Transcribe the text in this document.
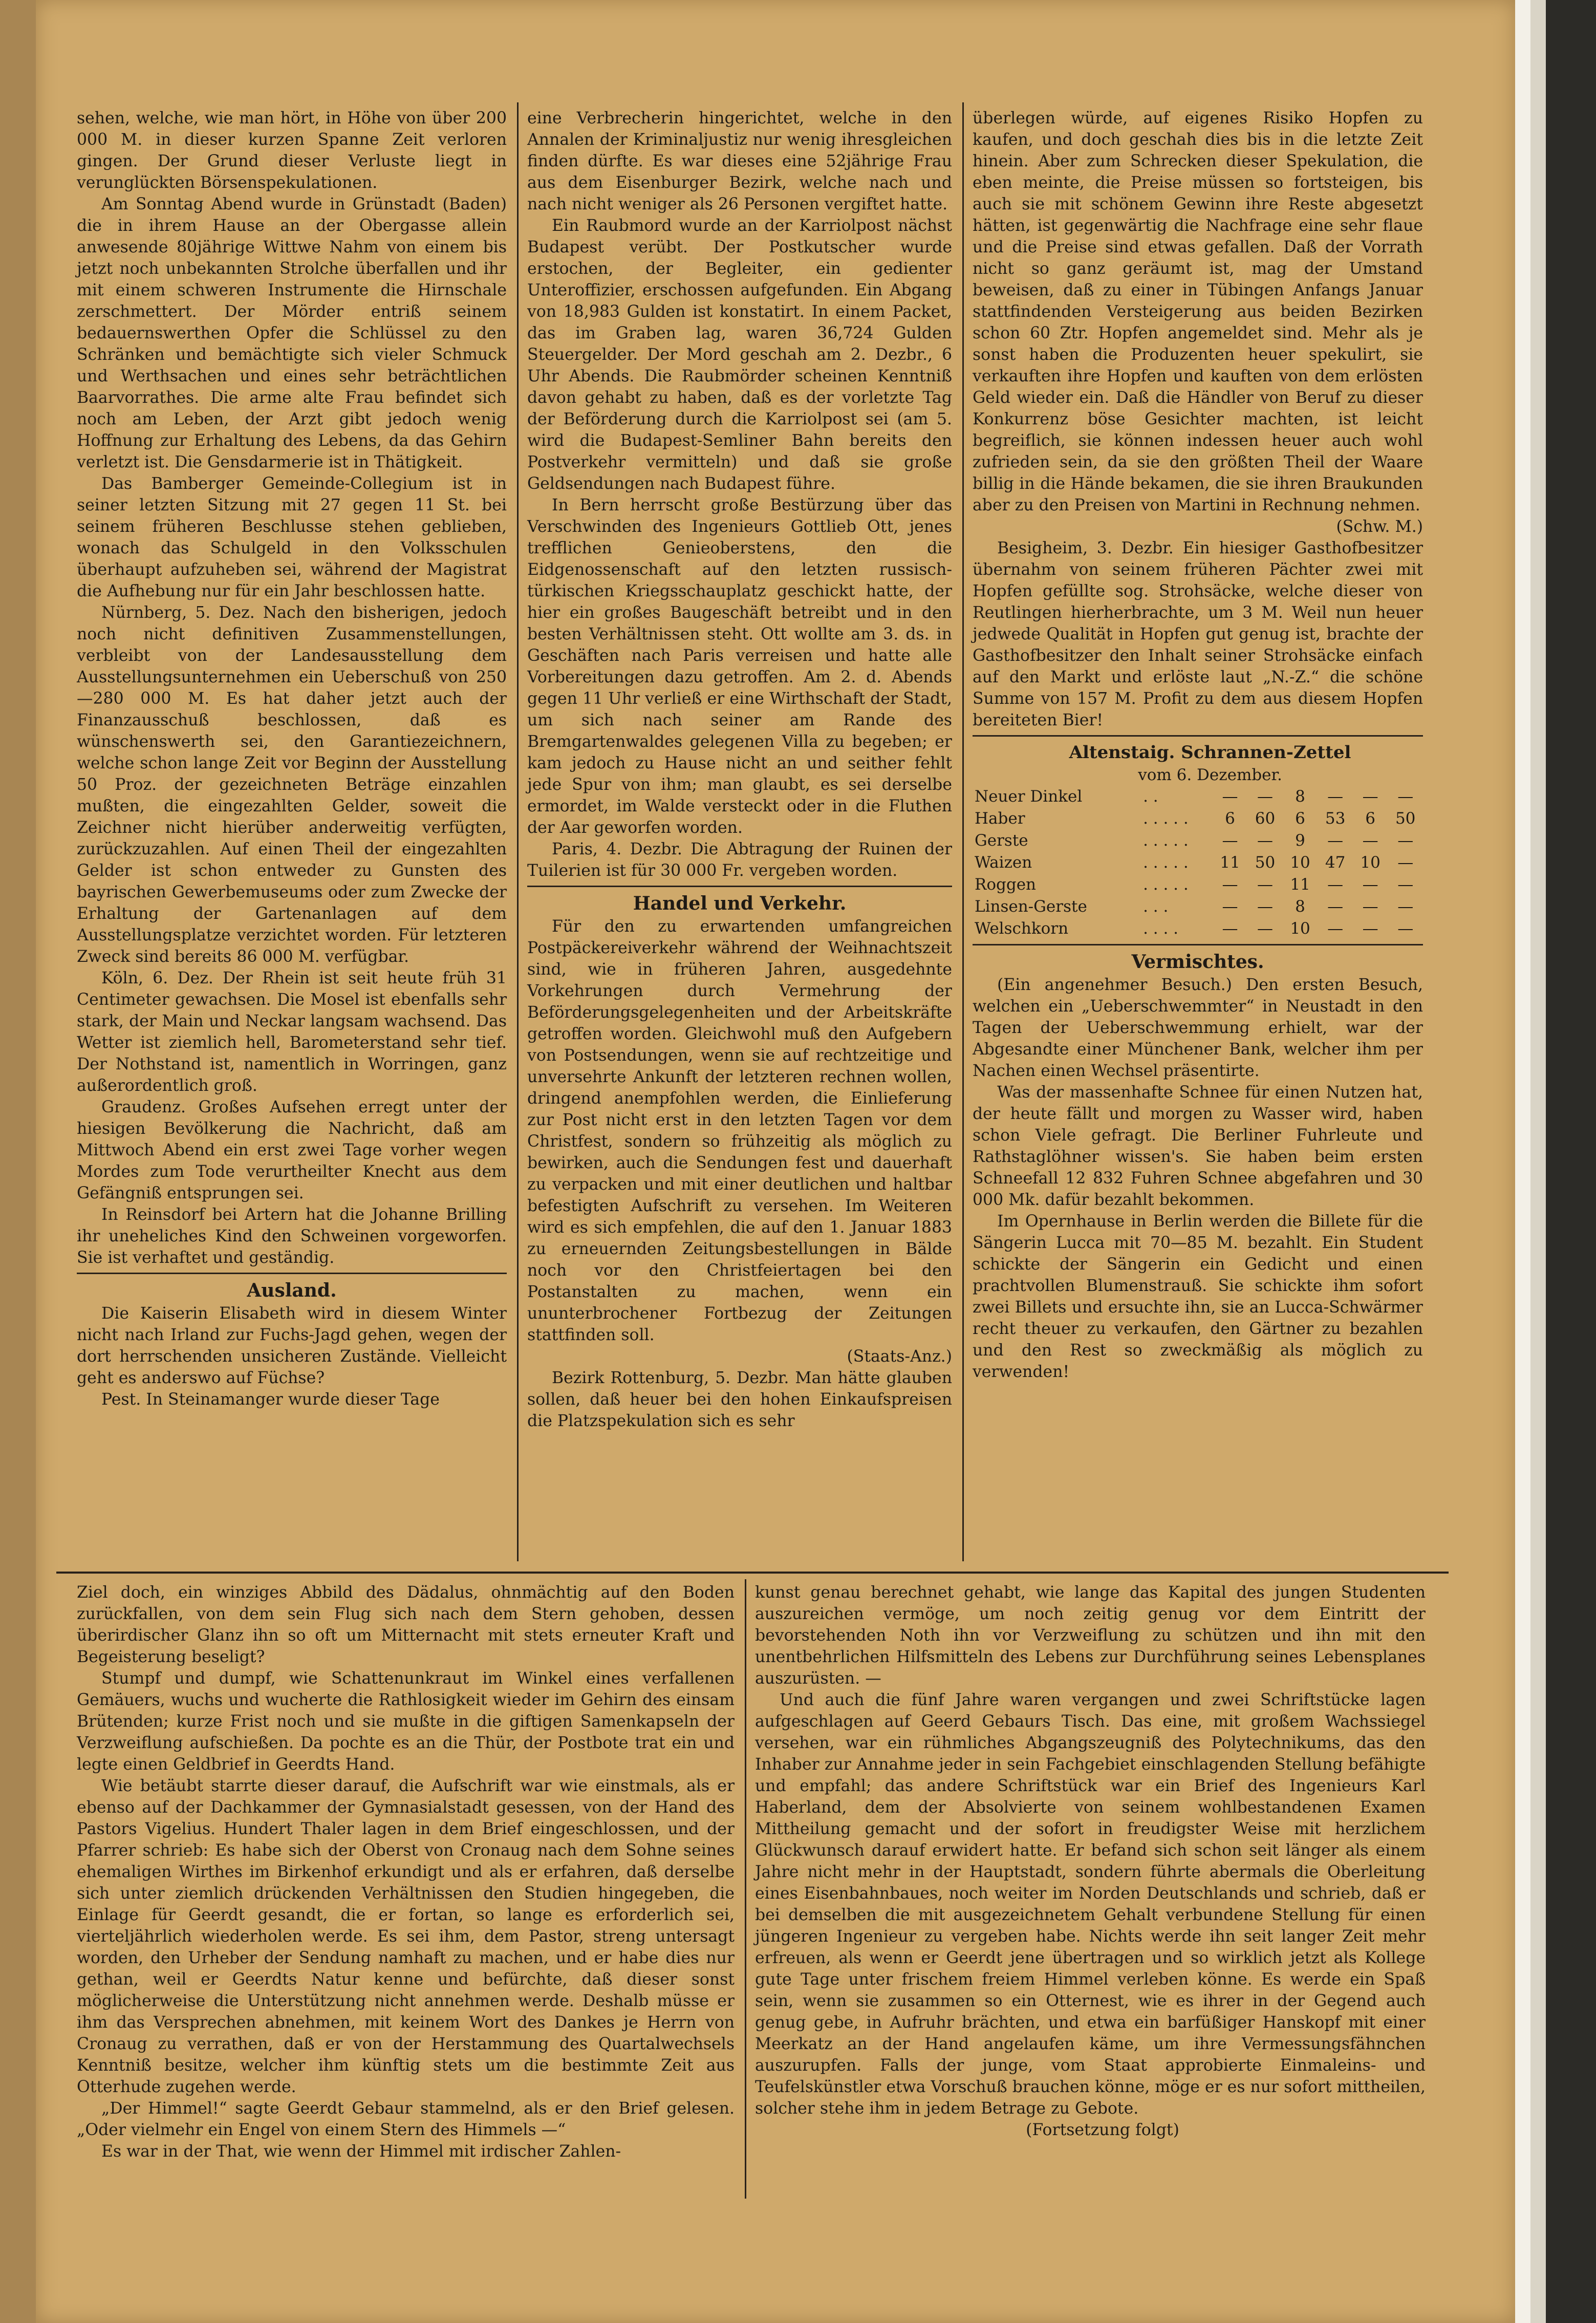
sehen, welche, wie man hört, in Höhe von über 200 000 M. in dieser kurzen Spanne Zeit verloren gingen. Der Grund dieser Verluste liegt in verunglückten Börsenspekulationen.

Am Sonntag Abend wurde in Grünstadt (Baden) die in ihrem Hause an der Obergasse allein anwesende 80jährige Wittwe Nahm von einem bis jetzt noch unbekannten Strolche überfallen und ihr mit einem schweren Instrumente die Hirnschale zerschmettert. Der Mörder entriß seinem bedauernswerthen Opfer die Schlüssel zu den Schränken und bemächtigte sich vieler Schmuck und Werthsachen und eines sehr beträchtlichen Baarvorrathes. Die arme alte Frau befindet sich noch am Leben, der Arzt gibt jedoch wenig Hoffnung zur Erhaltung des Lebens, da das Gehirn verletzt ist. Die Gensdarmerie ist in Thätigkeit.

Das Bamberger Gemeinde-Collegium ist in seiner letzten Sitzung mit 27 gegen 11 St. bei seinem früheren Beschlusse stehen geblieben, wonach das Schulgeld in den Volksschulen überhaupt aufzuheben sei, während der Magistrat die Aufhebung nur für ein Jahr beschlossen hatte.

Nürnberg, 5. Dez. Nach den bisherigen, jedoch noch nicht definitiven Zusammenstellungen, verbleibt von der Landesausstellung dem Ausstellungsunternehmen ein Ueberschuß von 250—280 000 M. Es hat daher jetzt auch der Finanzausschuß beschlossen, daß es wünschenswerth sei, den Garantiezeichnern, welche schon lange Zeit vor Beginn der Ausstellung 50 Proz. der gezeichneten Beträge einzahlen mußten, die eingezahlten Gelder, soweit die Zeichner nicht hierüber anderweitig verfügten, zurückzuzahlen. Auf einen Theil der eingezahlten Gelder ist schon entweder zu Gunsten des bayrischen Gewerbemuseums oder zum Zwecke der Erhaltung der Gartenanlagen auf dem Ausstellungsplatze verzichtet worden. Für letzteren Zweck sind bereits 86 000 M. verfügbar.

Köln, 6. Dez. Der Rhein ist seit heute früh 31 Centimeter gewachsen. Die Mosel ist ebenfalls sehr stark, der Main und Neckar langsam wachsend. Das Wetter ist ziemlich hell, Barometerstand sehr tief. Der Nothstand ist, namentlich in Worringen, ganz außerordentlich groß.

Graudenz. Großes Aufsehen erregt unter der hiesigen Bevölkerung die Nachricht, daß am Mittwoch Abend ein erst zwei Tage vorher wegen Mordes zum Tode verurtheilter Knecht aus dem Gefängniß entsprungen sei.

In Reinsdorf bei Artern hat die Johanne Brilling ihr uneheliches Kind den Schweinen vorgeworfen. Sie ist verhaftet und geständig.

Ausland.

Die Kaiserin Elisabeth wird in diesem Winter nicht nach Irland zur Fuchs-Jagd gehen, wegen der dort herrschenden unsicheren Zustände. Vielleicht geht es anderswo auf Füchse?

Pest. In Steinamanger wurde dieser Tage

eine Verbrecherin hingerichtet, welche in den Annalen der Kriminaljustiz nur wenig ihresgleichen finden dürfte. Es war dieses eine 52jährige Frau aus dem Eisenburger Bezirk, welche nach und nach nicht weniger als 26 Personen vergiftet hatte.

Ein Raubmord wurde an der Karriolpost nächst Budapest verübt. Der Postkutscher wurde erstochen, der Begleiter, ein gedienter Unteroffizier, erschossen aufgefunden. Ein Abgang von 18,983 Gulden ist konstatirt. In einem Packet, das im Graben lag, waren 36,724 Gulden Steuergelder. Der Mord geschah am 2. Dezbr., 6 Uhr Abends. Die Raubmörder scheinen Kenntniß davon gehabt zu haben, daß es der vorletzte Tag der Beförderung durch die Karriolpost sei (am 5. wird die Budapest-Semliner Bahn bereits den Postverkehr vermitteln) und daß sie große Geldsendungen nach Budapest führe.

In Bern herrscht große Bestürzung über das Verschwinden des Ingenieurs Gottlieb Ott, jenes trefflichen Genieoberstens, den die Eidgenossenschaft auf den letzten russisch-türkischen Kriegsschauplatz geschickt hatte, der hier ein großes Baugeschäft betreibt und in den besten Verhältnissen steht. Ott wollte am 3. ds. in Geschäften nach Paris verreisen und hatte alle Vorbereitungen dazu getroffen. Am 2. d. Abends gegen 11 Uhr verließ er eine Wirthschaft der Stadt, um sich nach seiner am Rande des Bremgartenwaldes gelegenen Villa zu begeben; er kam jedoch zu Hause nicht an und seither fehlt jede Spur von ihm; man glaubt, es sei derselbe ermordet, im Walde versteckt oder in die Fluthen der Aar geworfen worden.

Paris, 4. Dezbr. Die Abtragung der Ruinen der Tuilerien ist für 30 000 Fr. vergeben worden.

Handel und Verkehr.

Für den zu erwartenden umfangreichen Postpäckereiverkehr während der Weihnachtszeit sind, wie in früheren Jahren, ausgedehnte Vorkehrungen durch Vermehrung der Beförderungsgelegenheiten und der Arbeitskräfte getroffen worden. Gleichwohl muß den Aufgebern von Postsendungen, wenn sie auf rechtzeitige und unversehrte Ankunft der letzteren rechnen wollen, dringend anempfohlen werden, die Einlieferung zur Post nicht erst in den letzten Tagen vor dem Christfest, sondern so frühzeitig als möglich zu bewirken, auch die Sendungen fest und dauerhaft zu verpacken und mit einer deutlichen und haltbar befestigten Aufschrift zu versehen. Im Weiteren wird es sich empfehlen, die auf den 1. Januar 1883 zu erneuernden Zeitungsbestellungen in Bälde noch vor den Christfeiertagen bei den Postanstalten zu machen, wenn ein ununterbrochener Fortbezug der Zeitungen stattfinden soll.

(Staats-Anz.)

Bezirk Rottenburg, 5. Dezbr. Man hätte glauben sollen, daß heuer bei den hohen Einkaufspreisen die Platzspekulation sich es sehr

überlegen würde, auf eigenes Risiko Hopfen zu kaufen, und doch geschah dies bis in die letzte Zeit hinein. Aber zum Schrecken dieser Spekulation, die eben meinte, die Preise müssen so fortsteigen, bis auch sie mit schönem Gewinn ihre Reste abgesetzt hätten, ist gegenwärtig die Nachfrage eine sehr flaue und die Preise sind etwas gefallen. Daß der Vorrath nicht so ganz geräumt ist, mag der Umstand beweisen, daß zu einer in Tübingen Anfangs Januar stattfindenden Versteigerung aus beiden Bezirken schon 60 Ztr. Hopfen angemeldet sind. Mehr als je sonst haben die Produzenten heuer spekulirt, sie verkauften ihre Hopfen und kauften von dem erlösten Geld wieder ein. Daß die Händler von Beruf zu dieser Konkurrenz böse Gesichter machten, ist leicht begreiflich, sie können indessen heuer auch wohl zufrieden sein, da sie den größten Theil der Waare billig in die Hände bekamen, die sie ihren Braukunden aber zu den Preisen von Martini in Rechnung nehmen.

(Schw. M.)

Besigheim, 3. Dezbr. Ein hiesiger Gasthofbesitzer übernahm von seinem früheren Pächter zwei mit Hopfen gefüllte sog. Strohsäcke, welche dieser von Reutlingen hierherbrachte, um 3 M. Weil nun heuer jedwede Qualität in Hopfen gut genug ist, brachte der Gasthofbesitzer den Inhalt seiner Strohsäcke einfach auf den Markt und erlöste laut „N.-Z.“ die schöne Summe von 157 M. Profit zu dem aus diesem Hopfen bereiteten Bier!

Altenstaig. Schrannen-Zettel

vom 6. Dezember.

Neuer Dinkel	. .	—	—	8	—	—	—
Haber	. . . . .	6	60	6	53	6	50
Gerste	. . . . .	—	—	9	—	—	—
Waizen	. . . . .	11	50	10	47	10	—
Roggen	. . . . .	—	—	11	—	—	—
Linsen-Gerste	. . .	—	—	8	—	—	—
Welschkorn	. . . .	—	—	10	—	—	—

Vermischtes.

(Ein angenehmer Besuch.) Den ersten Besuch, welchen ein „Ueberschwemmter“ in Neustadt in den Tagen der Ueberschwemmung erhielt, war der Abgesandte einer Münchener Bank, welcher ihm per Nachen einen Wechsel präsentirte.

Was der massenhafte Schnee für einen Nutzen hat, der heute fällt und morgen zu Wasser wird, haben schon Viele gefragt. Die Berliner Fuhrleute und Rathstaglöhner wissen's. Sie haben beim ersten Schneefall 12 832 Fuhren Schnee abgefahren und 30 000 Mk. dafür bezahlt bekommen.

Im Opernhause in Berlin werden die Billete für die Sängerin Lucca mit 70—85 M. bezahlt. Ein Student schickte der Sängerin ein Gedicht und einen prachtvollen Blumenstrauß. Sie schickte ihm sofort zwei Billets und ersuchte ihn, sie an Lucca-Schwärmer recht theuer zu verkaufen, den Gärtner zu bezahlen und den Rest so zweckmäßig als möglich zu verwenden!

Ziel doch, ein winziges Abbild des Dädalus, ohnmächtig auf den Boden zurückfallen, von dem sein Flug sich nach dem Stern gehoben, dessen überirdischer Glanz ihn so oft um Mitternacht mit stets erneuter Kraft und Begeisterung beseligt?

Stumpf und dumpf, wie Schattenunkraut im Winkel eines verfallenen Gemäuers, wuchs und wucherte die Rathlosigkeit wieder im Gehirn des einsam Brütenden; kurze Frist noch und sie mußte in die giftigen Samenkapseln der Verzweiflung aufschießen. Da pochte es an die Thür, der Postbote trat ein und legte einen Geldbrief in Geerdts Hand.

Wie betäubt starrte dieser darauf, die Aufschrift war wie einstmals, als er ebenso auf der Dachkammer der Gymnasialstadt gesessen, von der Hand des Pastors Vigelius. Hundert Thaler lagen in dem Brief eingeschlossen, und der Pfarrer schrieb: Es habe sich der Oberst von Cronaug nach dem Sohne seines ehemaligen Wirthes im Birkenhof erkundigt und als er erfahren, daß derselbe sich unter ziemlich drückenden Verhältnissen den Studien hingegeben, die Einlage für Geerdt gesandt, die er fortan, so lange es erforderlich sei, vierteljährlich wiederholen werde. Es sei ihm, dem Pastor, streng untersagt worden, den Urheber der Sendung namhaft zu machen, und er habe dies nur gethan, weil er Geerdts Natur kenne und befürchte, daß dieser sonst möglicherweise die Unterstützung nicht annehmen werde. Deshalb müsse er ihm das Versprechen abnehmen, mit keinem Wort des Dankes je Herrn von Cronaug zu verrathen, daß er von der Herstammung des Quartalwechsels Kenntniß besitze, welcher ihm künftig stets um die bestimmte Zeit aus Otterhude zugehen werde.

„Der Himmel!“ sagte Geerdt Gebaur stammelnd, als er den Brief gelesen. „Oder vielmehr ein Engel von einem Stern des Himmels —“

Es war in der That, wie wenn der Himmel mit irdischer Zahlen-

kunst genau berechnet gehabt, wie lange das Kapital des jungen Studenten auszureichen vermöge, um noch zeitig genug vor dem Eintritt der bevorstehenden Noth ihn vor Verzweiflung zu schützen und ihn mit den unentbehrlichen Hilfsmitteln des Lebens zur Durchführung seines Lebensplanes auszurüsten. —

Und auch die fünf Jahre waren vergangen und zwei Schriftstücke lagen aufgeschlagen auf Geerd Gebaurs Tisch. Das eine, mit großem Wachssiegel versehen, war ein rühmliches Abgangszeugniß des Polytechnikums, das den Inhaber zur Annahme jeder in sein Fachgebiet einschlagenden Stellung befähigte und empfahl; das andere Schriftstück war ein Brief des Ingenieurs Karl Haberland, dem der Absolvierte von seinem wohlbestandenen Examen Mittheilung gemacht und der sofort in freudigster Weise mit herzlichem Glückwunsch darauf erwidert hatte. Er befand sich schon seit länger als einem Jahre nicht mehr in der Hauptstadt, sondern führte abermals die Oberleitung eines Eisenbahnbaues, noch weiter im Norden Deutschlands und schrieb, daß er bei demselben die mit ausgezeichnetem Gehalt verbundene Stellung für einen jüngeren Ingenieur zu vergeben habe. Nichts werde ihn seit langer Zeit mehr erfreuen, als wenn er Geerdt jene übertragen und so wirklich jetzt als Kollege gute Tage unter frischem freiem Himmel verleben könne. Es werde ein Spaß sein, wenn sie zusammen so ein Otternest, wie es ihrer in der Gegend auch genug gebe, in Aufruhr brächten, und etwa ein barfüßiger Hanskopf mit einer Meerkatz an der Hand angelaufen käme, um ihre Vermessungsfähnchen auszurupfen. Falls der junge, vom Staat approbierte Einmaleins- und Teufelskünstler etwa Vorschuß brauchen könne, möge er es nur sofort mittheilen, solcher stehe ihm in jedem Betrage zu Gebote.

(Fortsetzung folgt)
